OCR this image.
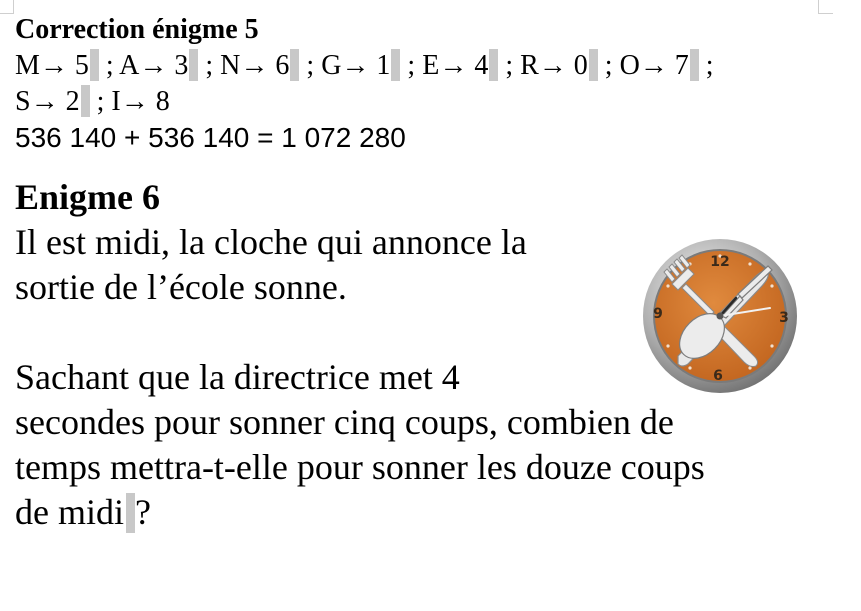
Correction énigme 5

M→ 5 ; A→ 3 ; N→ 6 ; G→ 1 ; E→ 4 ; R→ 0 ; O→ 7 ;

S→ 2 ; I→ 8

536 140 + 536 140 = 1 072 280

Enigme 6

Il est midi, la cloche qui annonce la

sortie de l’école sonne.

Sachant que la directrice met 4

secondes pour sonner cinq coups, combien de

temps mettra-t-elle pour sonner les douze coups

de midi ?

12
3
6
9
